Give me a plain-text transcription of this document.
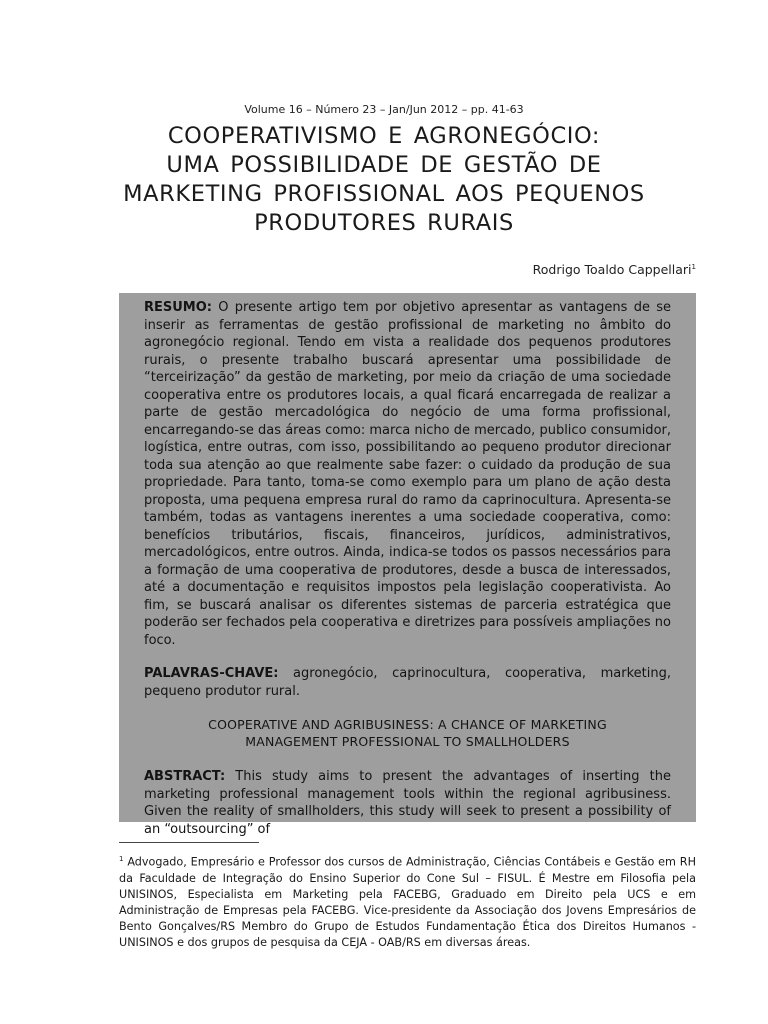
Volume 16 – Número 23 – Jan/Jun 2012 – pp. 41-63
COOPERATIVISMO E AGRONEGÓCIO:
UMA POSSIBILIDADE DE GESTÃO DE
MARKETING PROFISSIONAL AOS PEQUENOS
PRODUTORES RURAIS
Rodrigo Toaldo Cappellari$^1$

RESUMO: O presente artigo tem por objetivo apresentar as vantagens de se inserir as ferramentas de gestão profissional de marketing no âmbito do agronegócio regional. Tendo em vista a realidade dos pequenos produtores rurais, o presente trabalho buscará apresentar uma possibilidade de “terceirização” da gestão de marketing, por meio da criação de uma sociedade cooperativa entre os produtores locais, a qual ficará encarregada de realizar a parte de gestão mercadológica do negócio de uma forma profissional, encarregando-se das áreas como: marca nicho de mercado, publico consumidor, logística, entre outras, com isso, possibilitando ao pequeno produtor direcionar toda sua atenção ao que realmente sabe fazer: o cuidado da produção de sua propriedade. Para tanto, toma-se como exemplo para um plano de ação desta proposta, uma pequena empresa rural do ramo da caprinocultura. Apresenta-se também, todas as vantagens inerentes a uma sociedade cooperativa, como: benefícios tributários, fiscais, financeiros, jurídicos, administrativos, mercadológicos, entre outros. Ainda, indica-se todos os passos necessários para a formação de uma cooperativa de produtores, desde a busca de interessados, até a documentação e requisitos impostos pela legislação cooperativista. Ao fim, se buscará analisar os diferentes sistemas de parceria estratégica que poderão ser fechados pela cooperativa e diretrizes para possíveis ampliações no foco.

PALAVRAS-CHAVE: agronegócio, caprinocultura, cooperativa, marketing, pequeno produtor rural.

COOPERATIVE AND AGRIBUSINESS: A CHANCE OF MARKETING
MANAGEMENT PROFESSIONAL TO SMALLHOLDERS

ABSTRACT: This study aims to present the advantages of inserting the marketing professional management tools within the regional agribusiness. Given the reality of smallholders, this study will seek to present a possibility of an “outsourcing” of

$^1$ Advogado, Empresário e Professor dos cursos de Administração, Ciências Contábeis e Gestão em RH da Faculdade de Integração do Ensino Superior do Cone Sul – FISUL. É Mestre em Filosofia pela UNISINOS, Especialista em Marketing pela FACEBG, Graduado em Direito pela UCS e em Administração de Empresas pela FACEBG. Vice-presidente da Associação dos Jovens Empresários de Bento Gonçalves/RS Membro do Grupo de Estudos Fundamentação Ética dos Direitos Humanos - UNISINOS e dos grupos de pesquisa da CEJA - OAB/RS em diversas áreas.
